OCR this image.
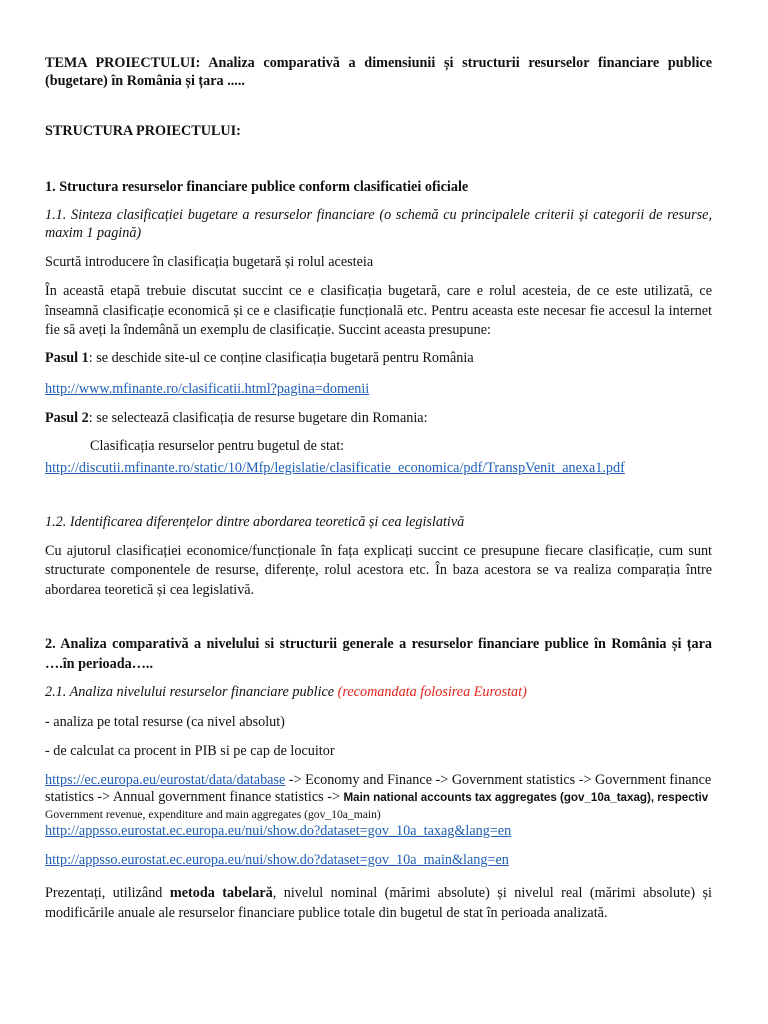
TEMA PROIECTULUI: Analiza comparativă a dimensiunii și structurii resurselor financiare publice (bugetare) în România și țara .....

STRUCTURA PROIECTULUI:

1. Structura resurselor financiare publice conform clasificatiei oficiale

1.1. Sinteza clasificației bugetare a resurselor financiare (o schemă cu principalele criterii și categorii de resurse, maxim 1 pagină)

Scurtă introducere în clasificația bugetară și rolul acesteia

În această etapă trebuie discutat succint ce e clasificația bugetară, care e rolul acesteia, de ce este utilizată, ce înseamnă clasificație economică și ce e clasificație funcțională etc. Pentru aceasta este necesar fie accesul la internet fie să aveți la îndemână un exemplu de clasificație. Succint aceasta presupune:

Pasul 1: se deschide site-ul ce conține clasificația bugetară pentru România

http://www.mfinante.ro/clasificatii.html?pagina=domenii

Pasul 2: se selectează clasificația de resurse bugetare din Romania:

Clasificația resurselor pentru bugetul de stat:

http://discutii.mfinante.ro/static/10/Mfp/legislatie/clasificatie_economica/pdf/TranspVenit_anexa1.pdf

1.2. Identificarea diferențelor dintre abordarea teoretică și cea legislativă

Cu ajutorul clasificației economice/funcționale în fața explicați succint ce presupune fiecare clasificație, cum sunt structurate componentele de resurse, diferențe, rolul acestora etc. În baza acestora se va realiza comparația între abordarea teoretică și cea legislativă.

2. Analiza comparativă a nivelului si structurii generale a resurselor financiare publice în România și țara ….în perioada…..

2.1. Analiza nivelului resurselor financiare publice (recomandata folosirea Eurostat)

- analiza pe total resurse (ca nivel absolut)

- de calculat ca procent in PIB si pe cap de locuitor

https://ec.europa.eu/eurostat/data/database -> Economy and Finance -> Government statistics -> Government finance statistics -> Annual government finance statistics -> Main national accounts tax aggregates (gov_10a_taxag), respectiv Government revenue, expenditure and main aggregates (gov_10a_main)
http://appsso.eurostat.ec.europa.eu/nui/show.do?dataset=gov_10a_taxag&lang=en

http://appsso.eurostat.ec.europa.eu/nui/show.do?dataset=gov_10a_main&lang=en

Prezentați, utilizând metoda tabelară, nivelul nominal (mărimi absolute) și nivelul real (mărimi absolute) și modificările anuale ale resurselor financiare publice totale din bugetul de stat în perioada analizată.
